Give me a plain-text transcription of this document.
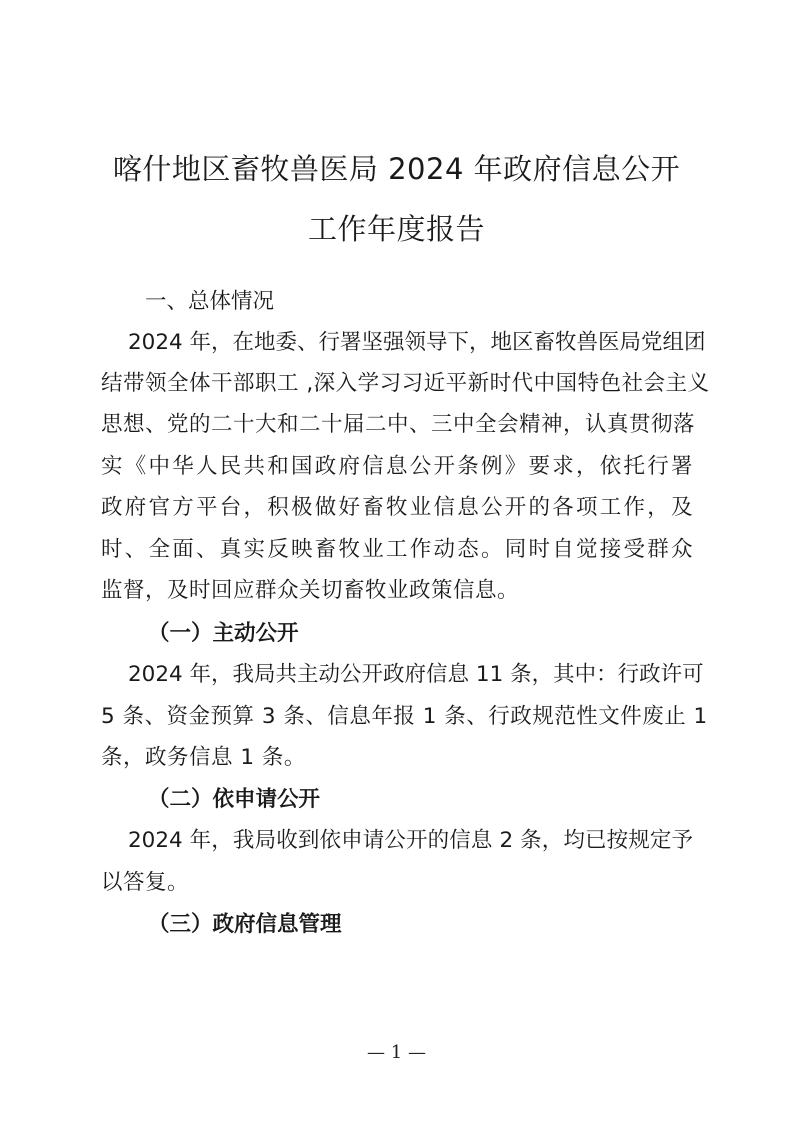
喀什地区畜牧兽医局 2024 年政府信息公开
工作年度报告
一、总体情况
2024 年，在地委、行署坚强领导下，地区畜牧兽医局党组团
结带领全体干部职工 ,深入学习习近平新时代中国特色社会主义
思想、党的二十大和二十届二中、三中全会精神，认真贯彻落
实《中华人民共和国政府信息公开条例》要求，依托行署
政府官方平台，积极做好畜牧业信息公开的各项工作，及
时、全面、真实反映畜牧业工作动态。同时自觉接受群众
监督，及时回应群众关切畜牧业政策信息。
（一）主动公开
2024 年，我局共主动公开政府信息 11 条，其中：行政许可
5 条、资金预算 3 条、信息年报 1 条、行政规范性文件废止 1
条，政务信息 1 条。
（二）依申请公开
2024 年，我局收到依申请公开的信息 2 条，均已按规定予
以答复。
（三）政府信息管理
— 1 —
